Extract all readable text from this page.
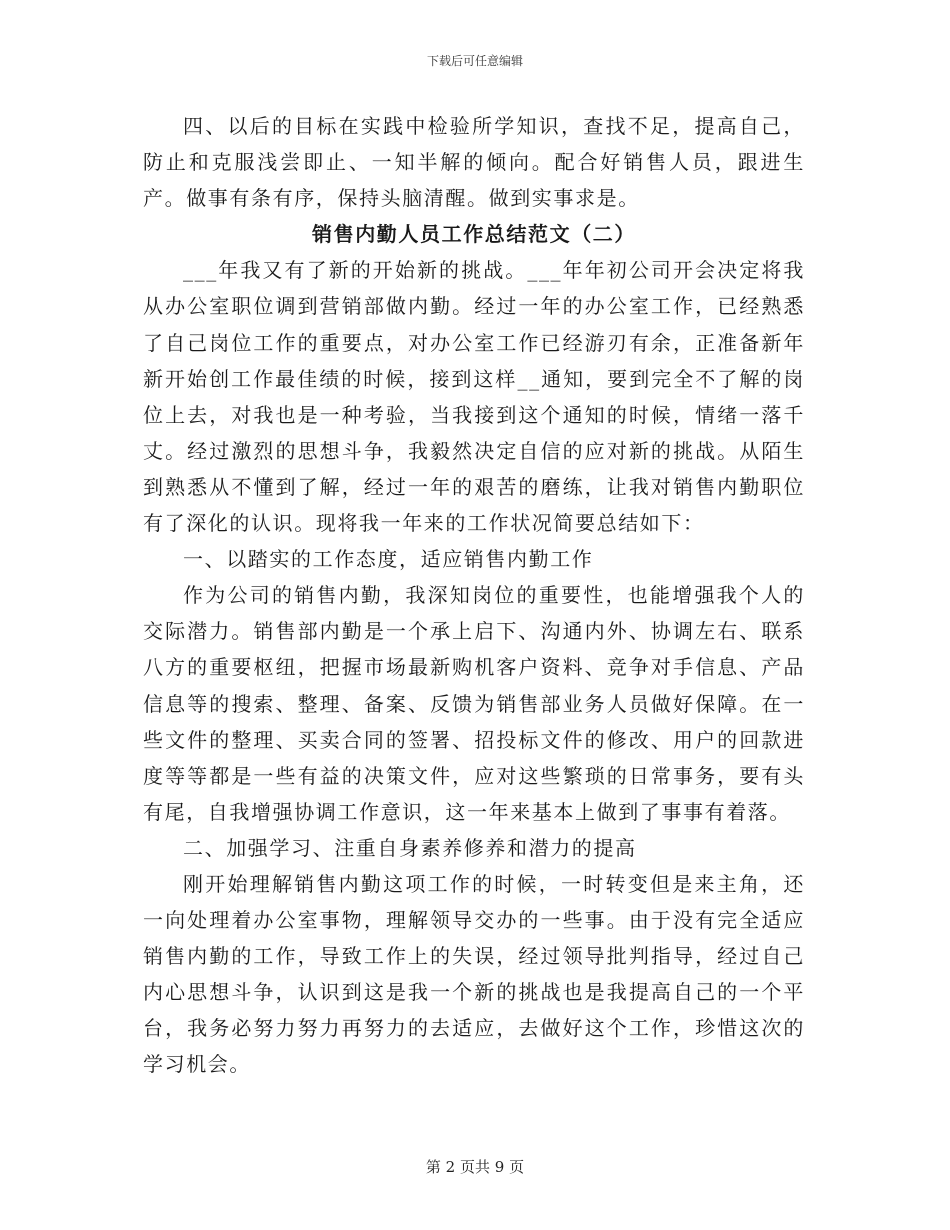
下载后可任意编辑

四、以后的目标在实践中检验所学知识，查找不足，提高自己，防止和克服浅尝即止、一知半解的倾向。配合好销售人员，跟进生产。做事有条有序，保持头脑清醒。做到实事求是。

销售内勤人员工作总结范文（二）

___年我又有了新的开始新的挑战。___年年初公司开会决定将我从办公室职位调到营销部做内勤。经过一年的办公室工作，已经熟悉了自己岗位工作的重要点，对办公室工作已经游刃有余，正准备新年新开始创工作最佳绩的时候，接到这样__通知，要到完全不了解的岗位上去，对我也是一种考验，当我接到这个通知的时候，情绪一落千丈。经过激烈的思想斗争，我毅然决定自信的应对新的挑战。从陌生到熟悉从不懂到了解，经过一年的艰苦的磨练，让我对销售内勤职位有了深化的认识。现将我一年来的工作状况简要总结如下：

一、以踏实的工作态度，适应销售内勤工作

作为公司的销售内勤，我深知岗位的重要性，也能增强我个人的交际潜力。销售部内勤是一个承上启下、沟通内外、协调左右、联系八方的重要枢纽，把握市场最新购机客户资料、竞争对手信息、产品信息等的搜索、整理、备案、反馈为销售部业务人员做好保障。在一些文件的整理、买卖合同的签署、招投标文件的修改、用户的回款进度等等都是一些有益的决策文件，应对这些繁琐的日常事务，要有头有尾，自我增强协调工作意识，这一年来基本上做到了事事有着落。

二、加强学习、注重自身素养修养和潜力的提高

刚开始理解销售内勤这项工作的时候，一时转变但是来主角，还一向处理着办公室事物，理解领导交办的一些事。由于没有完全适应销售内勤的工作，导致工作上的失误，经过领导批判指导，经过自己内心思想斗争，认识到这是我一个新的挑战也是我提高自己的一个平台，我务必努力努力再努力的去适应，去做好这个工作，珍惜这次的学习机会。

第 2 页共 9 页
